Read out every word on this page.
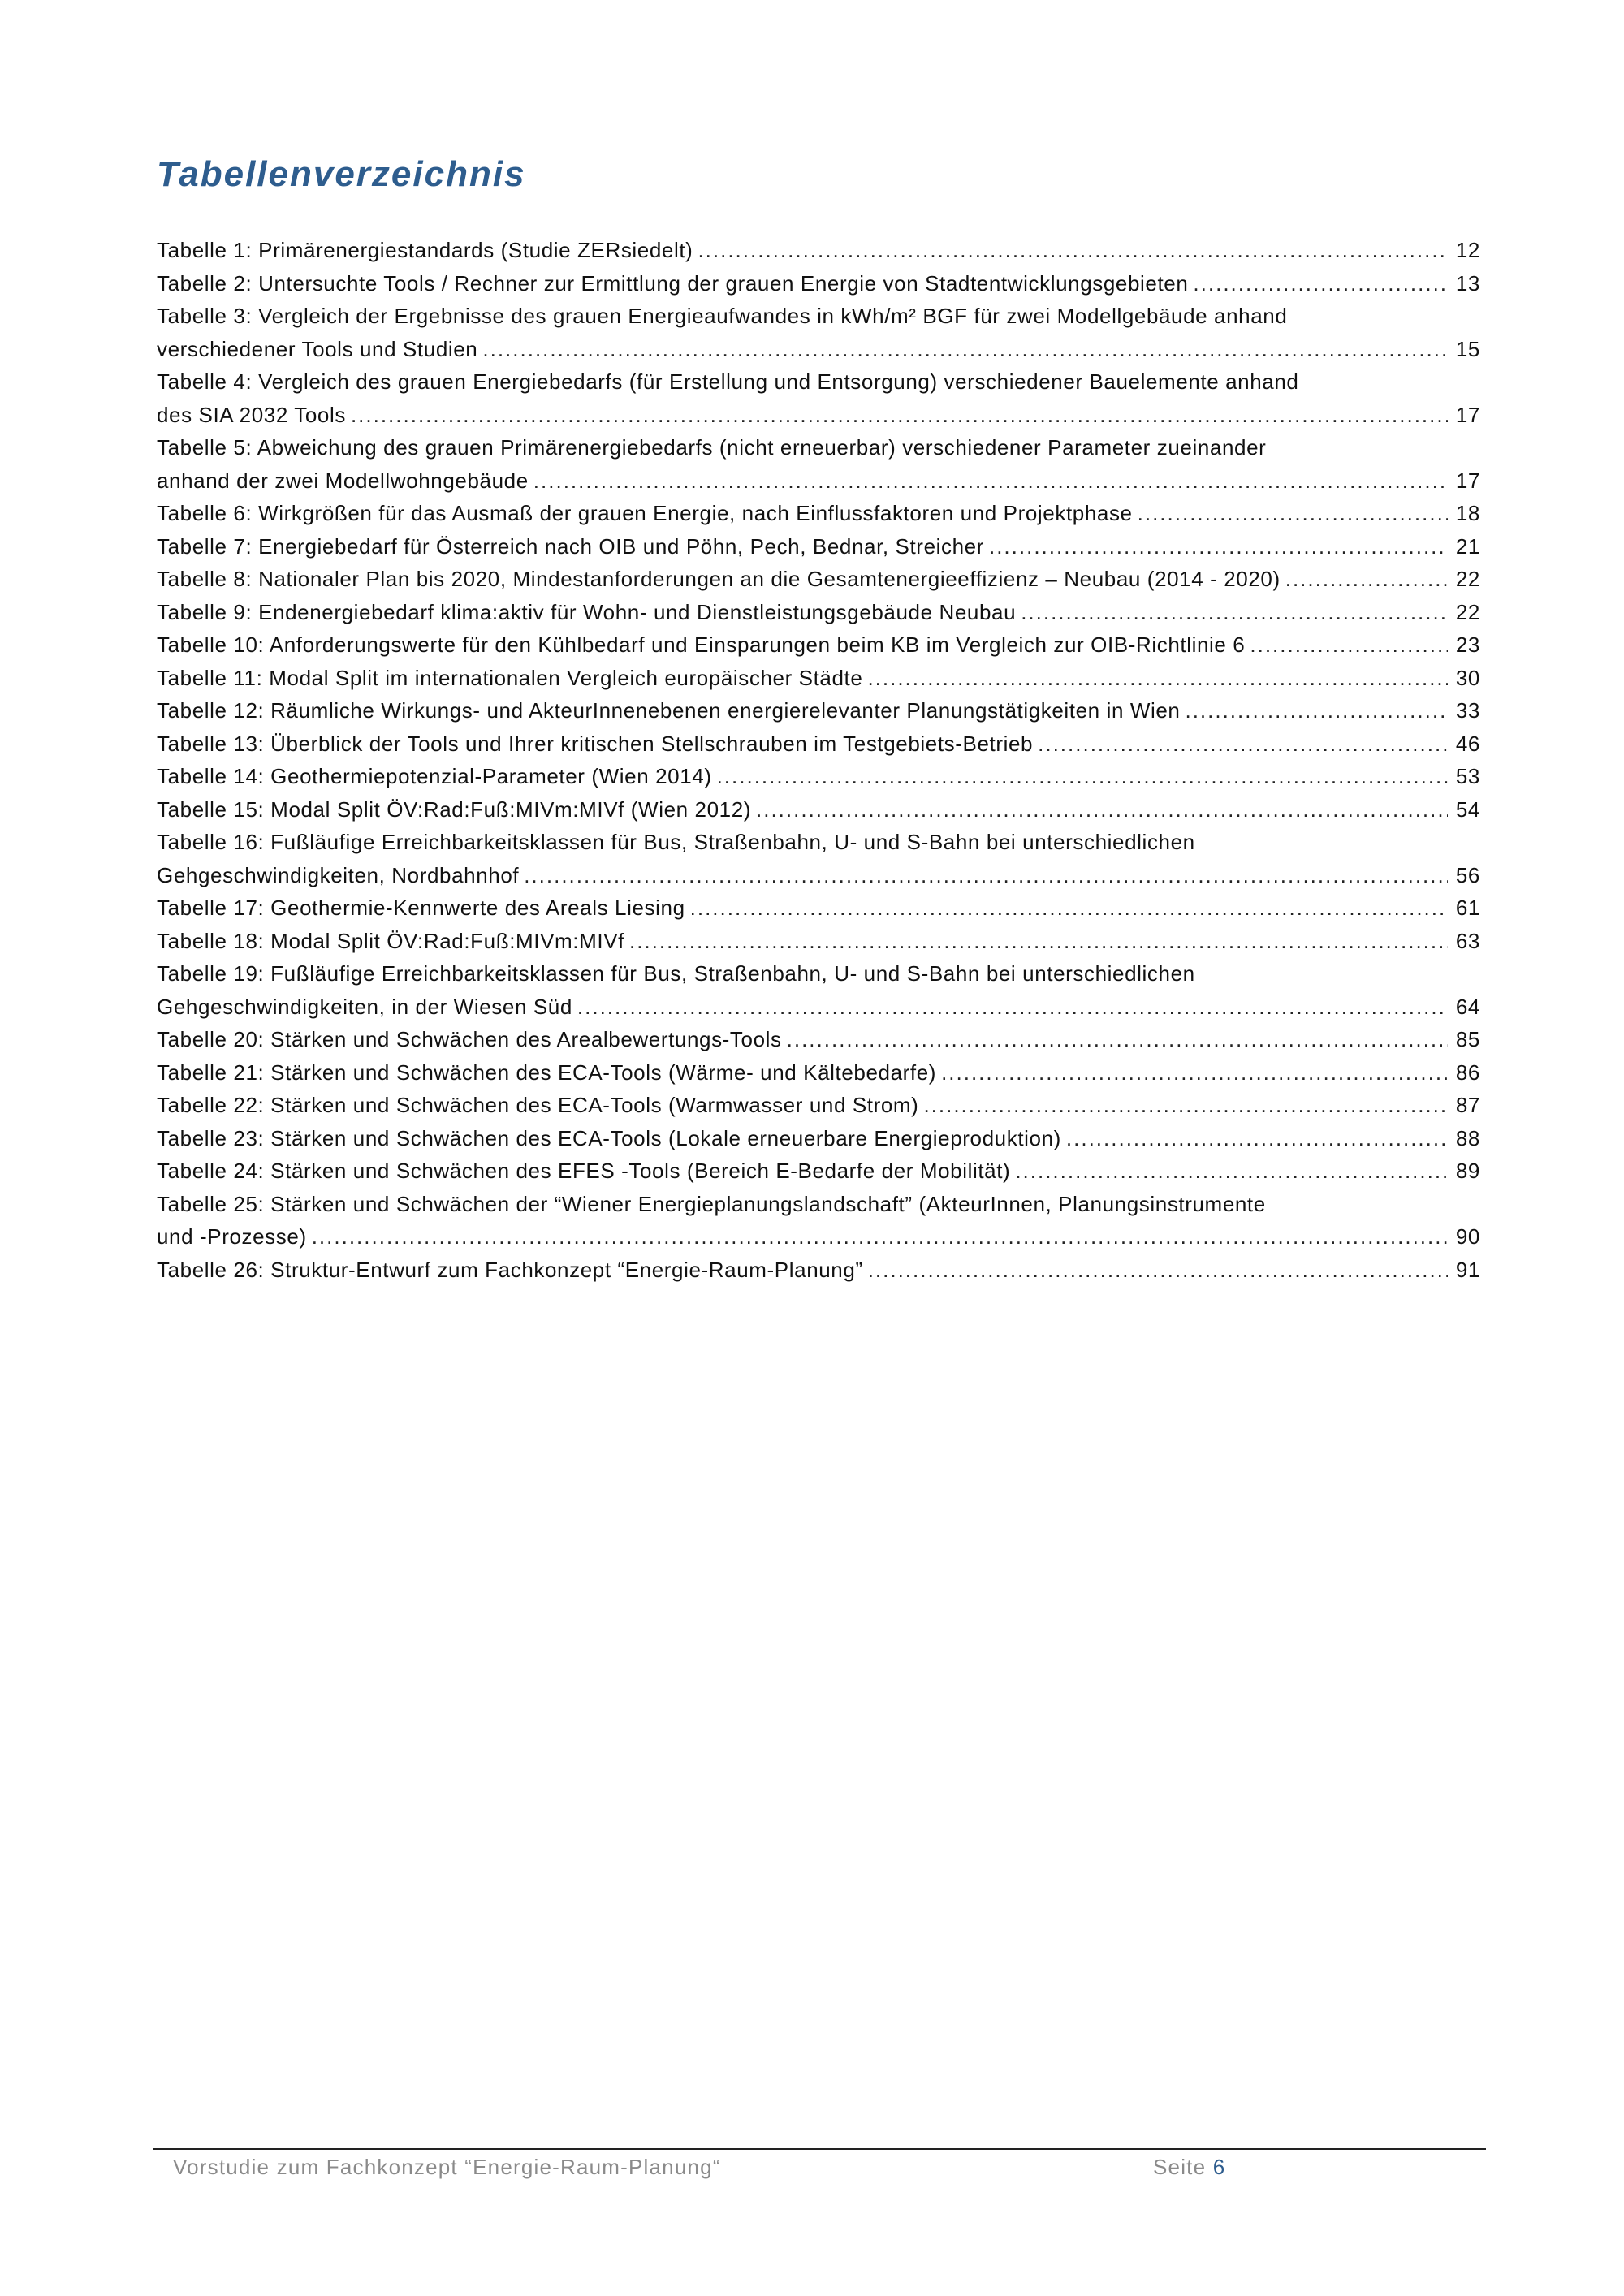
Tabellenverzeichnis
Tabelle 1: Primärenergiestandards (Studie ZERsiedelt) .....	12
Tabelle 2: Untersuchte Tools / Rechner zur Ermittlung der grauen Energie von Stadtentwicklungsgebieten .....	13
Tabelle 3: Vergleich der Ergebnisse des grauen Energieaufwandes in kWh/m² BGF für zwei Modellgebäude anhand
verschiedener Tools und Studien .....	15
Tabelle 4: Vergleich des grauen Energiebedarfs (für Erstellung und Entsorgung) verschiedener Bauelemente anhand
des SIA 2032 Tools .....	17
Tabelle 5: Abweichung des grauen Primärenergiebedarfs (nicht erneuerbar) verschiedener Parameter zueinander
anhand der zwei Modellwohngebäude .....	17
Tabelle 6: Wirkgrößen für das Ausmaß der grauen Energie, nach Einflussfaktoren und Projektphase .....	18
Tabelle 7: Energiebedarf für Österreich nach OIB und Pöhn, Pech, Bednar, Streicher .....	21
Tabelle 8: Nationaler Plan bis 2020, Mindestanforderungen an die Gesamtenergieeffizienz – Neubau (2014 - 2020) .....	22
Tabelle 9: Endenergiebedarf klima:aktiv für Wohn- und Dienstleistungsgebäude Neubau .....	22
Tabelle 10: Anforderungswerte für den Kühlbedarf und Einsparungen beim KB im Vergleich zur OIB-Richtlinie 6 .....	23
Tabelle 11: Modal Split im internationalen Vergleich europäischer Städte .....	30
Tabelle 12: Räumliche Wirkungs- und AkteurInnenebenen energierelevanter Planungstätigkeiten in Wien .....	33
Tabelle 13: Überblick der Tools und Ihrer kritischen Stellschrauben im Testgebiets-Betrieb .....	46
Tabelle 14: Geothermiepotenzial-Parameter (Wien 2014) .....	53
Tabelle 15: Modal Split ÖV:Rad:Fuß:MIVm:MIVf (Wien 2012) .....	54
Tabelle 16: Fußläufige Erreichbarkeitsklassen für Bus, Straßenbahn, U- und S-Bahn bei unterschiedlichen
Gehgeschwindigkeiten, Nordbahnhof .....	56
Tabelle 17: Geothermie-Kennwerte des Areals Liesing .....	61
Tabelle 18: Modal Split ÖV:Rad:Fuß:MIVm:MIVf .....	63
Tabelle 19: Fußläufige Erreichbarkeitsklassen für Bus, Straßenbahn, U- und S-Bahn bei unterschiedlichen
Gehgeschwindigkeiten, in der Wiesen Süd .....	64
Tabelle 20: Stärken und Schwächen des Arealbewertungs-Tools .....	85
Tabelle 21: Stärken und Schwächen des ECA-Tools (Wärme- und Kältebedarfe) .....	86
Tabelle 22: Stärken und Schwächen des ECA-Tools (Warmwasser und Strom) .....	87
Tabelle 23: Stärken und Schwächen des ECA-Tools (Lokale erneuerbare Energieproduktion) .....	88
Tabelle 24: Stärken und Schwächen des EFES -Tools (Bereich E-Bedarfe der Mobilität) .....	89
Tabelle 25: Stärken und Schwächen der “Wiener Energieplanungslandschaft” (AkteurInnen, Planungsinstrumente
und -Prozesse) .....	90
Tabelle 26: Struktur-Entwurf zum Fachkonzept “Energie-Raum-Planung” .....	91
Vorstudie zum Fachkonzept “Energie-Raum-Planung“	Seite 6
